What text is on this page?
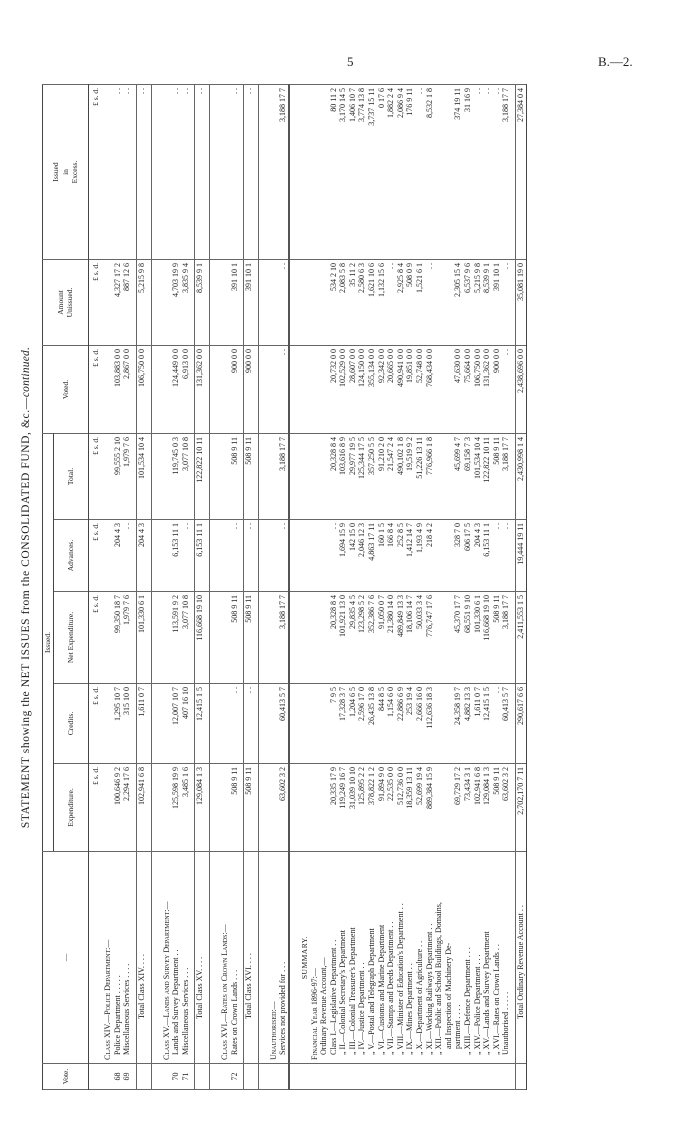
5	B.—2.
STATEMENT showing the NET ISSUES from the CONSOLIDATED FUND, &c.—continued.
Vote.	—	Issued.					Voted.	Amount
Unissued.	Issued
in
Excess.
		Expenditure.	Credits.	Net Expenditure.	Advances.	Total.			
		£ s. d.	£ s. d.	£ s. d.	£ s. d.	£ s. d.	£ s. d.	£ s. d.	£ s. d.
	Class XIV.—Police Department:—								
68	Police Department . . . . .	100,646 9 2	1,295 10 7	99,350 18 7	204 4 3	99,555 2 10	103,883 0 0	4,327 17 2	. .
69	Miscellaneous Services . . . .	2,294 17 6	315 10 0	1,979 7 6	. .	1,979 7 6	2,867 0 0	887 12 6	. .

	Total Class XIV. . . .	102,941 6 8	1,611 0 7	101,330 6 1	204 4 3	101,534 10 4	106,750 0 0	5,215 9 8	. .

	Class XV.—Lands and Survey Department:—								
70	Lands and Survey Department . .	125,598 19 9	12,007 10 7	113,591 9 2	6,153 11 1	119,745 0 3	124,449 0 0	4,703 19 9	. .
71	Miscellaneous Services . . .	3,485 1 6	407 16 10	3,077 10 8	. .	3,077 10 8	6,913 0 0	3,835 9 4	. .

	Total Class XV. . . .	129,084 1 3	12,415 1 5	116,668 19 10	6,153 11 1	122,822 10 11	131,362 0 0	8,539 9 1	. .

	Class XVI.—Rates on Crown Lands:—								
72	Rates on Crown Lands . . .	508 9 11	. .	508 9 11	. .	508 9 11	900 0 0	391 10 1	. .

	Total Class XVI. . . .	508 9 11	. .	508 9 11	. .	508 9 11	900 0 0	391 10 1	. .

	Unauthorised:—								
	Services not provided for . . .	63,602 3 2	60,413 5 7	3,188 17 7	. .	3,188 17 7	. .	. .	3,188 17 7

	SUMMARY.								
	Financial Year 1896-97:—								
	Ordinary Revenue Account,—								
	Class I.—Legislative Department . .	20,335 17 9	7 9 5	20,328 8 4	. .	20,328 8 4	20,732 0 0	534 2 10	80 11 2
	„ II.—Colonial Secretary's Department	119,249 16 7	17,328 3 7	101,921 13 0	1,694 15 9	103,616 8 9	102,529 0 0	2,083 5 8	3,170 14 5
	„ III.—Colonial Treasurer's Department	31,039 10 10	1,204 6 5	29,835 4 5	142 15 0	29,977 19 5	28,607 0 0	35 11 2	1,406 10 7
	„ IV.—Justice Department . .	125,895 2 2	2,596 17 0	123,298 5 2	2,046 12 3	125,344 17 5	124,150 0 0	2,580 6 3	3,774 13 8
	„ V.—Postal and Telegraph Department	378,822 1 2	26,435 13 8	352,386 7 6	4,863 17 11	357,250 5 5	355,134 0 0	1,621 10 6	3,737 15 11
	„ VI.—Customs and Marine Department	91,894 9 0	844 8 5	91,050 0 7	160 1 5	91,210 2 0	92,342 0 0	1,132 15 6	0 17 6
	„ VII.—Stamps and Deeds Department . .	22,535 0 0	1,154 6 0	21,380 14 0	166 8 4	21,547 2 4	20,665 0 0	. .	1,882 2 4
	„ VIII.—Minister of Education's Department . .	512,736 0 0	22,886 6 9	489,849 13 3	252 8 5	490,102 1 8	490,941 0 0	2,925 8 4	2,086 9 4
	„ IX.—Mines Department . .	18,359 13 11	253 19 4	18,106 14 7	1,412 14 7	19,519 9 2	19,851 0 0	508 0 9	176 9 11
	„ X.—Department of Agriculture . .	52,699 19 4	2,666 16 0	50,033 3 4	1,193 4 9	51,226 13 11	52,748 0 0	1,521 6 1	. .
	„ XI.—Working Railways Department . .	889,384 15 9	112,636 18 3	776,747 17 6	218 4 2	776,966 1 8	768,434 0 0	. .	8,532 1 8
	„ XII.—Public and School Buildings, Domains,								
	and Inspection of Machinery De-								
	partment . . . .	69,729 17 2	24,358 19 7	45,370 17 7	328 7 0	45,699 4 7	47,630 0 0	2,305 15 4	374 19 11
	„ XIII.—Defence Department . . .	73,434 3 1	4,882 13 3	68,551 9 10	606 17 5	69,158 7 3	75,664 0 0	6,537 9 6	31 16 9
	„ XIV.—Police Department . . .	102,941 6 8	1,611 0 7	101,330 6 1	204 4 3	101,534 10 4	106,750 0 0	5,215 9 8	. .
	„ XV.—Lands and Survey Department	129,084 1 3	12,415 1 5	116,668 19 10	6,153 11 1	122,822 10 11	131,362 0 0	8,539 9 1	. .
	„ XVI.—Rates on Crown Lands . .	508 9 11	. .	508 9 11	. .	508 9 11	900 0 0	391 10 1	. .
	Unauthorised . . . . .	63,602 3 2	60,413 5 7	3,188 17 7	. .	3,188 17 7	. .	. .	3,188 17 7

	Total Ordinary Revenue Account . .	2,702,170 7 11	290,617 6 6	2,411,553 1 5	19,444 19 11	2,430,998 1 4	2,438,696 0 0	35,081 19 0	27,384 0 4
